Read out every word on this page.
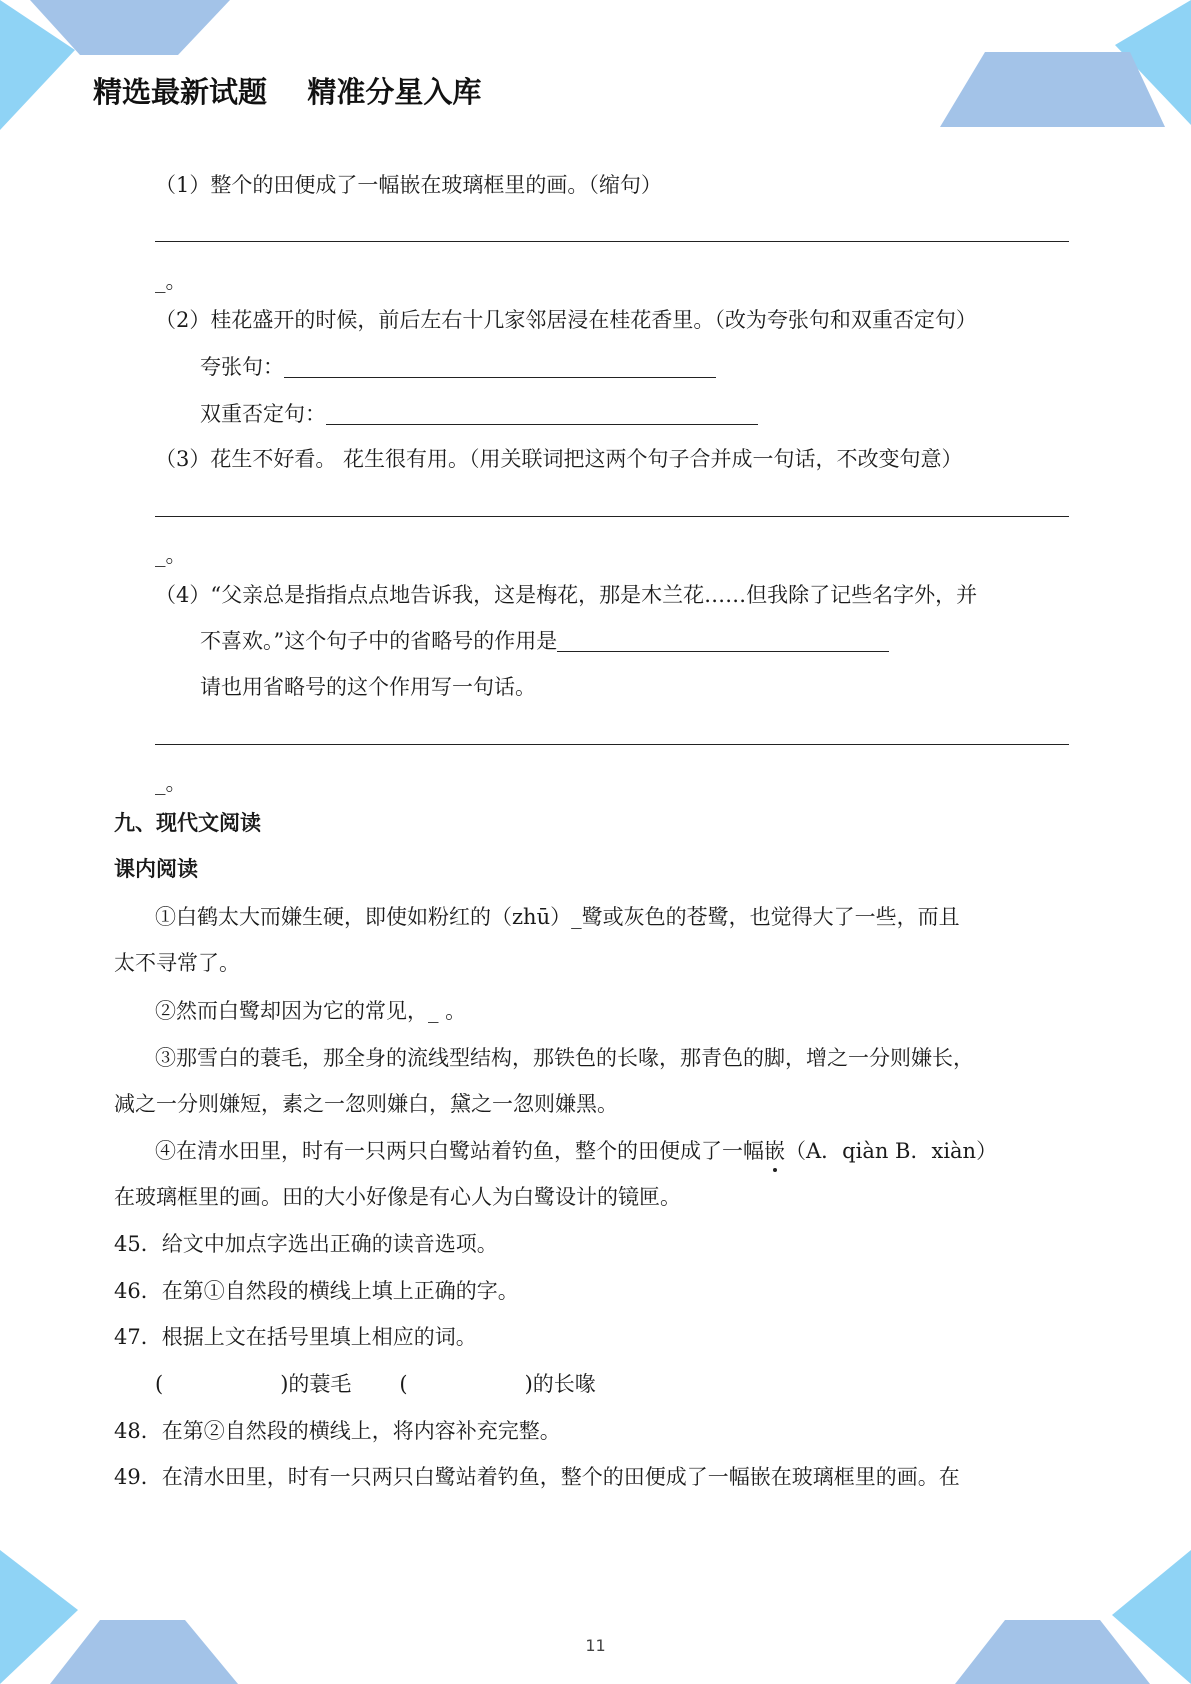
精选最新试题    精准分星入库
（1）整个的田便成了一幅嵌在玻璃框里的画。（缩句）
_。
（2）桂花盛开的时候，前后左右十几家邻居浸在桂花香里。（改为夸张句和双重否定句）
夸张句：
双重否定句：
（3）花生不好看。 花生很有用。（用关联词把这两个句子合并成一句话，不改变句意）
_。
（4）“父亲总是指指点点地告诉我，这是梅花，那是木兰花……但我除了记些名字外，并
不喜欢。”这个句子中的省略号的作用是
请也用省略号的这个作用写一句话。
_。
九、现代文阅读
课内阅读
①白鹤太大而嫌生硬，即使如粉红的（zhū）_鹭或灰色的苍鹭，也觉得大了一些，而且
太不寻常了。
②然而白鹭却因为它的常见，_ 。
③那雪白的蓑毛，那全身的流线型结构，那铁色的长喙，那青色的脚，增之一分则嫌长，
减之一分则嫌短，素之一忽则嫌白，黛之一忽则嫌黑。
④在清水田里，时有一只两只白鹭站着钓鱼，整个的田便成了一幅嵌（A．qiàn B．xiàn）
在玻璃框里的画。田的大小好像是有心人为白鹭设计的镜匣。
45．给文中加点字选出正确的读音选项。
46．在第①自然段的横线上填上正确的字。
47．根据上文在括号里填上相应的词。
(	)的蓑毛 (	)的长喙
48．在第②自然段的横线上，将内容补充完整。
49．在清水田里，时有一只两只白鹭站着钓鱼，整个的田便成了一幅嵌在玻璃框里的画。在
11
